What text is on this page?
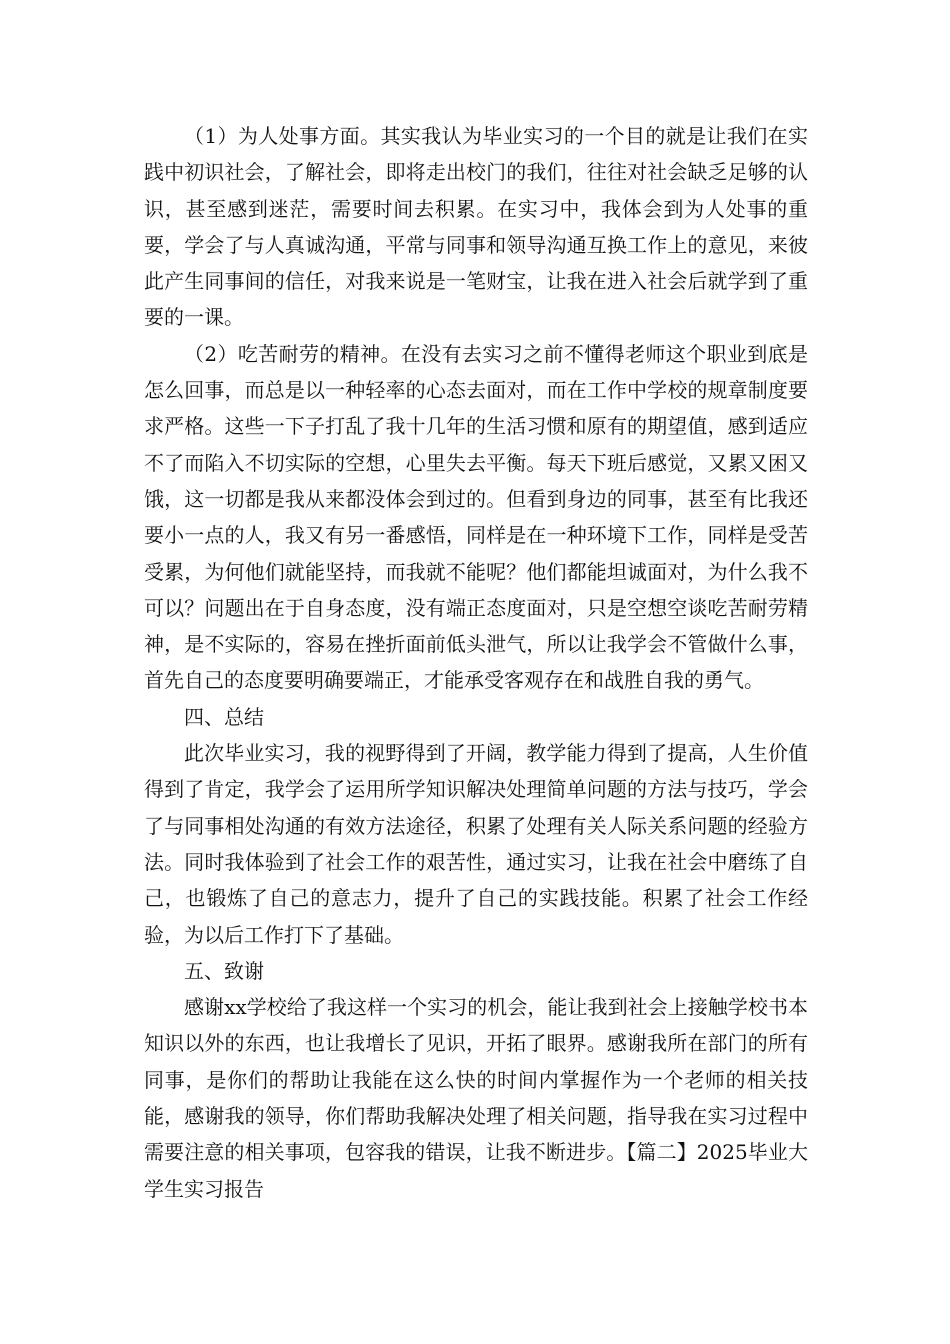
（1）为人处事方面。其实我认为毕业实习的一个目的就是让我们在实践中初识社会，了解社会，即将走出校门的我们，往往对社会缺乏足够的认识，甚至感到迷茫，需要时间去积累。在实习中，我体会到为人处事的重要，学会了与人真诚沟通，平常与同事和领导沟通互换工作上的意见，来彼此产生同事间的信任，对我来说是一笔财宝，让我在进入社会后就学到了重要的一课。

（2）吃苦耐劳的精神。在没有去实习之前不懂得老师这个职业到底是怎么回事，而总是以一种轻率的心态去面对，而在工作中学校的规章制度要求严格。这些一下子打乱了我十几年的生活习惯和原有的期望值，感到适应不了而陷入不切实际的空想，心里失去平衡。每天下班后感觉，又累又困又饿，这一切都是我从来都没体会到过的。但看到身边的同事，甚至有比我还要小一点的人，我又有另一番感悟，同样是在一种环境下工作，同样是受苦受累，为何他们就能坚持，而我就不能呢？他们都能坦诚面对，为什么我不可以？问题出在于自身态度，没有端正态度面对，只是空想空谈吃苦耐劳精神，是不实际的，容易在挫折面前低头泄气，所以让我学会不管做什么事，首先自己的态度要明确要端正，才能承受客观存在和战胜自我的勇气。

四、总结

此次毕业实习，我的视野得到了开阔，教学能力得到了提高，人生价值得到了肯定，我学会了运用所学知识解决处理简单问题的方法与技巧，学会了与同事相处沟通的有效方法途径，积累了处理有关人际关系问题的经验方法。同时我体验到了社会工作的艰苦性，通过实习，让我在社会中磨练了自己，也锻炼了自己的意志力，提升了自己的实践技能。积累了社会工作经验，为以后工作打下了基础。

五、致谢

感谢xx学校给了我这样一个实习的机会，能让我到社会上接触学校书本知识以外的东西，也让我增长了见识，开拓了眼界。感谢我所在部门的所有同事，是你们的帮助让我能在这么快的时间内掌握作为一个老师的相关技能，感谢我的领导，你们帮助我解决处理了相关问题，指导我在实习过程中需要注意的相关事项，包容我的错误，让我不断进步。【篇二】2025毕业大学生实习报告
